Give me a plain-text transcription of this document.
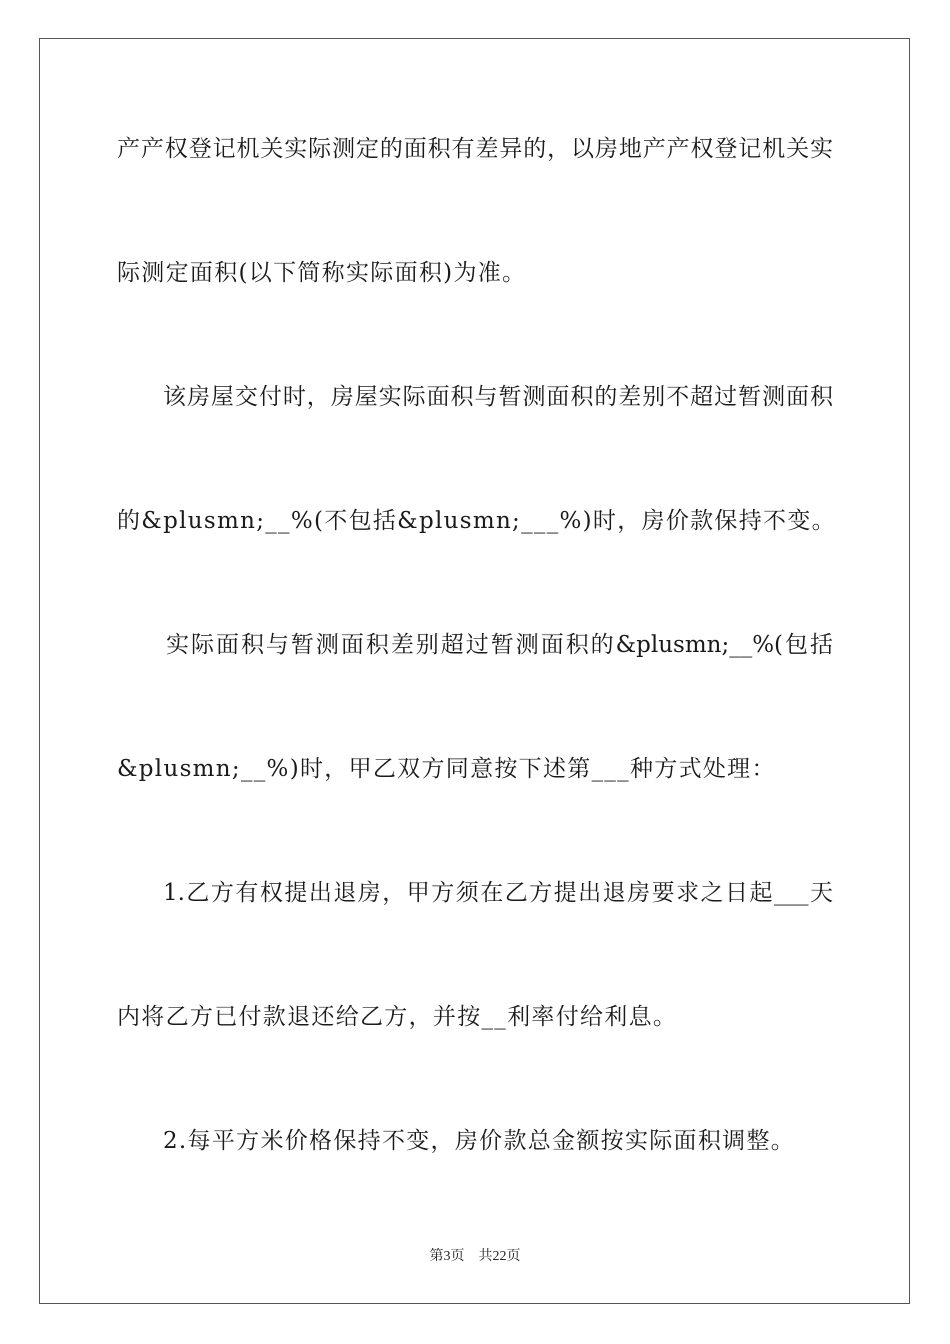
产产权登记机关实际测定的面积有差异的，以房地产产权登记机关实
际测定面积(以下简称实际面积)为准。
该房屋交付时，房屋实际面积与暂测面积的差别不超过暂测面积
的&plusmn;__%(不包括&plusmn;___%)时，房价款保持不变。
实际面积与暂测面积差别超过暂测面积的&plusmn;__%(包括
&plusmn;__%)时，甲乙双方同意按下述第___种方式处理：
1.乙方有权提出退房，甲方须在乙方提出退房要求之日起___天
内将乙方已付款退还给乙方，并按__利率付给利息。
2.每平方米价格保持不变，房价款总金额按实际面积调整。
第3页 共22页
